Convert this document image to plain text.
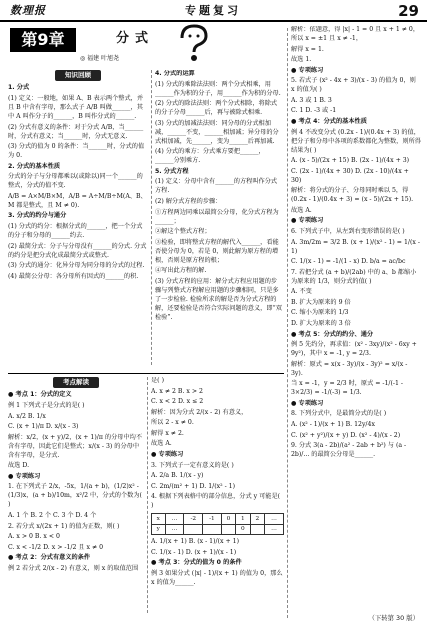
数理报	专题复习	29
第9章	分式
◎ 福建 叶旭尧
知识回顾

1. 分式

(1) 定义：一般地，如果 A、B 表示两个整式，并且 B 中含有字母，那么式子 A/B 叫做______，其中 A 叫作分子的______，B 叫作分式的______.

(2) 分式有意义的条件：对于分式 A/B，当______时，分式有意义；当______时，分式无意义.

(3) 分式的值为 0 的条件：当______时，分式的值为 0.

2. 分式的基本性质

分式的分子与分母都乘以(或除以)同一个______的整式，分式的值不变.

A/B = A×M/B×M，A/B = A÷M/B÷M(A、B、M 都是整式，且 M ≠ 0).

3. 分式的约分与通分

(1) 分式的约分：根据分式的______，把一个分式的分子和分母的______约去.

(2) 最简分式：分子与分母没有______的分式. 分式的约分是把分式化成最简分式或整式.

(3) 分式的通分：化异分母为同分母的分式的过程.

(4) 最简公分母：各分母所有因式的______的积.

4. 分式的运算

(1) 分式的乘除法法则：两个分式相乘，用______作为积的分子，用______作为积的分母.

(2) 分式的除法法则：两个分式相除，将除式的分子分母______后，再与被除式相乘.

(3) 分式的加减法法则：同分母的分式相加减，______不变，______相加减；异分母的分式相加减，先______，变为______后再加减.

(4) 分式的乘方：分式乘方要把______，______分别乘方.

5. 分式方程

(1) 定义：分母中含有______的方程叫作分式方程.

(2) 解分式方程的步骤：

①方程两边同乘以最简公分母，化分式方程为______；

②解这个整式方程；

③检验，即将整式方程的解代入______，看能否使分母为 0，若是 0，则此解为原方程的增根，否则是原方程的根；

④写出此方程的解.

(3) 分式方程的应用：解分式方程应用题的步骤与列整式方程解应用题的步骤相同，只是多了一步检验. 检验所求的解是否为分式方程的解，还要检验是否符合实际问题的意义，即“双检验”.

解析：依题意，得 |x| - 1 = 0 且 x + 1 ≠ 0，所以 x = ±1 且 x ≠ -1，

解得 x = 1.

故选 1.

● 专项练习

5. 若式子 (x² - 4x + 3)/(x - 3) 的值为 0，则 x 的值为( )

A. 3 或 1 B. 3

C. 1 D. -3 或 -1

● 考点 4：分式的基本性质

例 4 不改变分式 (0.2x - 1)/(0.4x + 3) 的值，把分子和分母中各项的系数都化为整数，则所得结果为( )

A. (x - 5)/(2x + 15) B. (2x - 1)/(4x + 3)

C. (2x - 1)/(4x + 30) D. (2x - 10)/(4x + 30)

解析：将分式的分子、分母同时乘以 5，得 (0.2x - 1)/(0.4x + 3) = (x - 5)/(2x + 15).

故选 A.

● 专项练习

6. 下列式子中，从左到右变形错误的是( )

A. 3m/2m = 3/2 B. (x + 1)/(x² - 1) = 1/(x - 1)

C. 1/(x - 1) = -1/(1 - x) D. b/a = ac/bc

7. 若把分式 (a + b)/(2ab) 中的 a、b 都缩小为原来的 1/3，则分式的值( )

A. 不变

B. 扩大为原来的 9 倍

C. 缩小为原来的 1/3

D. 扩大为原来的 3 倍

● 考点 5：分式的约分、通分

例 5 先约分，再求值：(x² - 3xy)/(x² - 6xy + 9y²)，其中 x = -1, y = 2/3.

解析：原式 = x(x - 3y)/(x - 3y)² = x/(x - 3y).

当 x = -1，y = 2/3 时，原式 = -1/(-1 - 3×2/3) = -1/(-3) = 1/3.

● 专项练习

8. 下列分式中，是最简分式的是( )

A. (x² - 1)/(x + 1) B. 12y/4x

C. (x² + y²)/(x + y) D. (x² - 4)/(x - 2)

9. 分式 3(a - 2b)/(a² - 2ab + b²) 与 (a - 2b)/... 的最简公分母是______.

考点解读

● 考点 1：分式的定义

例 1 下列式子是分式的是( )

A. x/2 B. 1/x

C. (x + 1)/π D. x/(x - 3)

解析：x/2，(x + y)/2，(x + 1)/π 的分母中均不含有字母，因此它们是整式；x/(x - 3) 的分母中含有字母，是分式.

故选 D.

● 专项练习

1. 在下列式子 2/x，-5x，1/(a + b)，(1/2)x² - (1/3)x，(a + b)/10m，x²/2 中，分式的个数为( )

A. 1 个 B. 2 个 C. 3 个 D. 4 个

2. 若分式 x/(2x + 1) 的值为正数，则( )

A. x > 0 B. x < 0

C. x < -1/2 D. x > -1/2 且 x ≠ 0

● 考点 2：分式有意义的条件

例 2 若分式 2/(x - 2) 有意义，则 x 的取值范围

是( )

A. x ≠ 2 B. x > 2

C. x < 2 D. x ≤ 2

解析：因为分式 2/(x - 2) 有意义，

所以 2 - x ≠ 0.

解得 x ≠ 2.

故选 A.

● 专项练习

3. 下列式子一定有意义的是( )

A. 2/a B. 1/(x - y)

C. 2m/(m² + 1) D. 1/(x² - 1)

4. 根据下列表格中的部分信息，分式 y 可能是( )

x	…	-2	-1	0	1	2	…
y	…				0		…

A. 1/(x + 1) B. (x - 1)/(x + 1)

C. 1/(x - 1) D. (x + 1)/(x - 1)

● 考点 3：分式的值为 0 的条件

例 3 如果分式 (|x| - 1)/(x + 1) 的值为 0，那么 x 的值为______.

（下转第 30 版）
